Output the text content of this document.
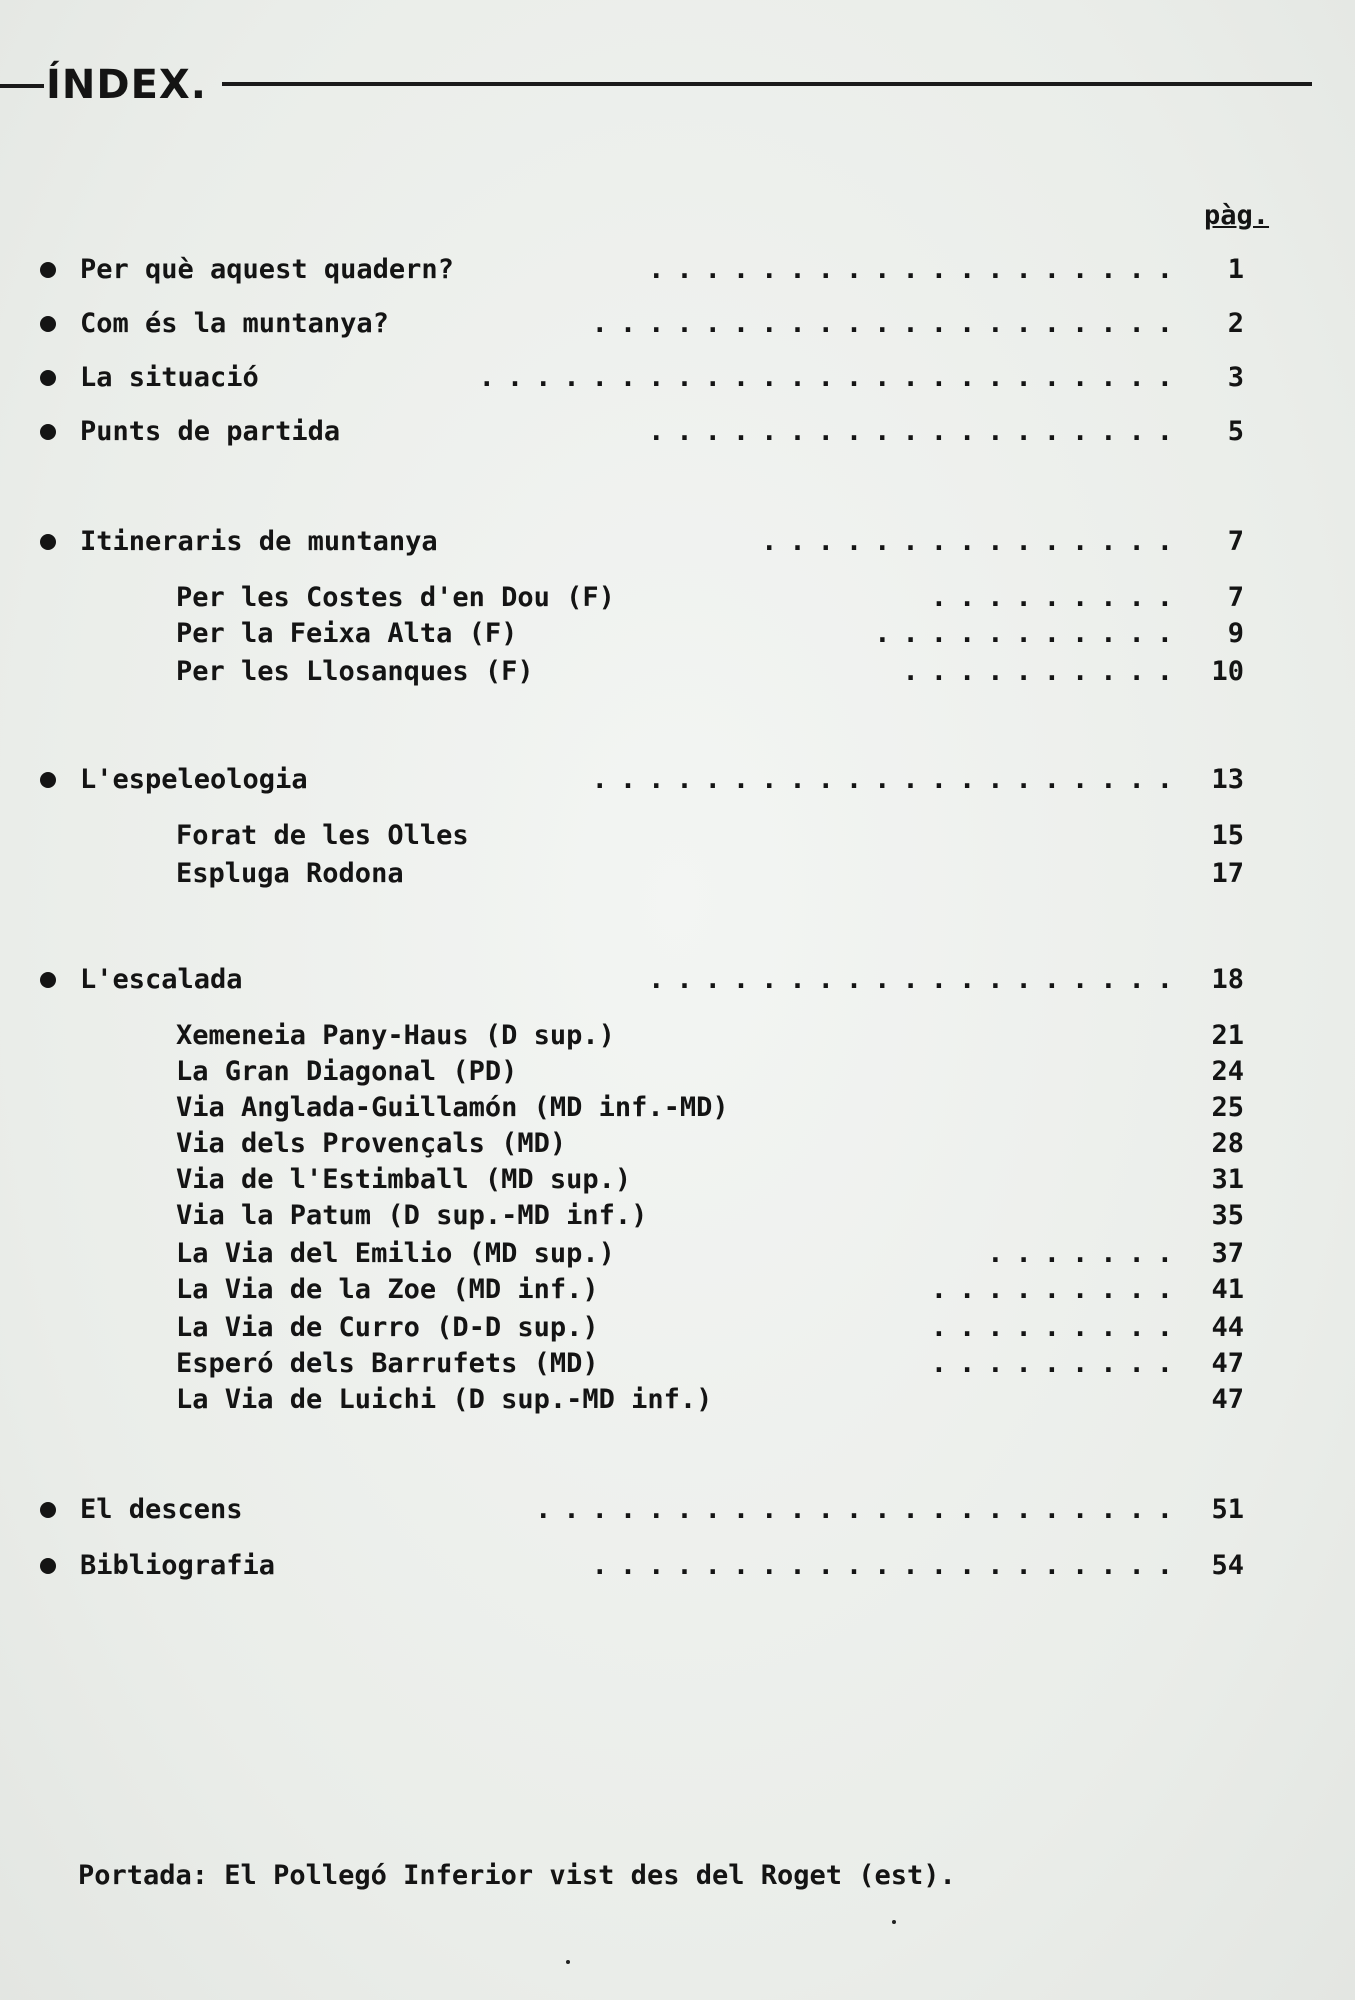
ÍNDEX.
pàg.
Per què aquest quadern?	...................	1
Com és la muntanya?	.....................	2
La situació	.........................	3
Punts de partida	...................	5
Itineraris de muntanya	...............	7
Per les Costes d'en Dou (F)	.........	7
Per la Feixa Alta (F)	...........	9
Per les Llosanques (F)	.......... 10
L'espeleologia	..................... 13
Forat de les Olles	15
Espluga Rodona	17
L'escalada	................... 18
Xemeneia Pany-Haus (D sup.)	21
La Gran Diagonal (PD)	24
Via Anglada-Guillamón (MD inf.-MD)	25
Via dels Provençals (MD)	28
Via de l'Estimball (MD sup.)	31
Via la Patum (D sup.-MD inf.)	35
La Via del Emilio (MD sup.)	....... 37
La Via de la Zoe (MD inf.)	......... 41
La Via de Curro (D-D sup.)	......... 44
Esperó dels Barrufets (MD)	......... 47
La Via de Luichi (D sup.-MD inf.)	47
El descens	....................... 51
Bibliografia	..................... 54
Portada: El Pollegó Inferior vist des del Roget (est).
